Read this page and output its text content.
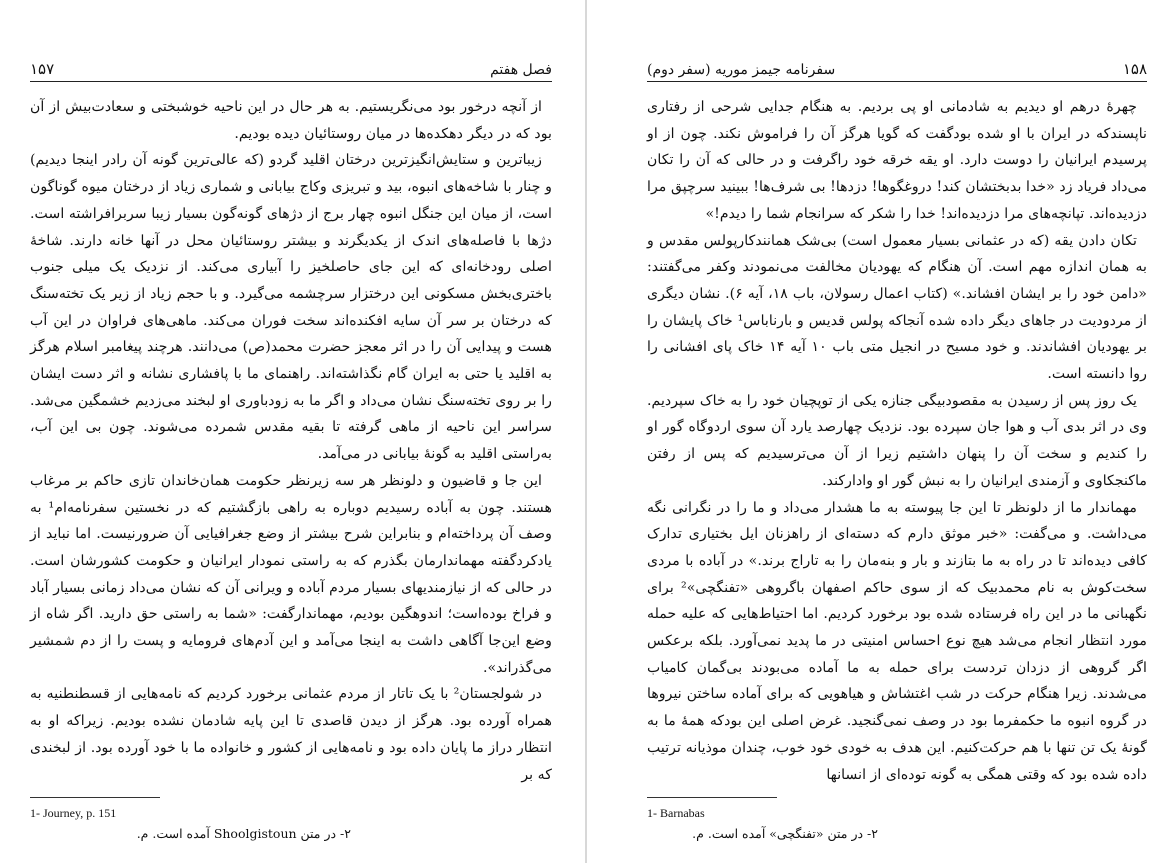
۱۵۷	فصل هفتم

از آنچه درخور بود می‌نگریستیم. به هر حال در این ناحیه خوشبختی و سعادت‌بیش از آن بود که در دیگر دهکده‌ها در میان روستائیان دیده بودیم.

زیباترین و ستایش‌انگیزترین درختان اقلید گردو (که عالی‌ترین گونه آن رادر اینجا دیدیم) و چنار با شاخه‌های انبوه، بید و تبریزی وکاج بیابانی و شماری زیاد از درختان میوه گوناگون است، از میان این جنگل انبوه چهار برج از دژهای گونه‌گون بسیار زیبا سربرافراشته است. دژها با فاصله‌های اندک از یکدیگرند و بیشتر روستائیان محل در آنها خانه دارند. شاخهٔ اصلی رودخانه‌ای که این جای حاصلخیز را آبیاری می‌کند. از نزدیک یک میلی جنوب باختری‌بخش مسکونی این درختزار سرچشمه می‌گیرد. و با حجم زیاد از زیر یک تخته‌سنگ که درختان بر سر آن سایه افکنده‌اند سخت فوران می‌کند. ماهی‌های فراوان در این آب هست و پیدایی آن را در اثر معجز حضرت محمد(ص) می‌دانند. هرچند پیغامبر اسلام هرگز به اقلید یا حتی به ایران گام نگذاشته‌اند. راهنمای ما با پافشاری نشانه و اثر دست ایشان را بر روی تخته‌سنگ نشان می‌داد و اگر ما به زودباوری او لبخند می‌زدیم خشمگین می‌شد. سراسر این ناحیه از ماهی گرفته تا بقیه مقدس شمرده می‌شوند. چون بی این آب، به‌راستی اقلید به گونهٔ بیابانی در می‌آمد.

این جا و قاضیون و دلونظر هر سه زیرنظر حکومت همان‌خاندان تازی حاکم بر مرغاب هستند. چون به آباده رسیدیم دوباره به راهی بازگشتیم که در نخستین سفرنامه‌ام¹ به وصف آن پرداخته‌ام و بنابراین شرح بیشتر از وضع جغرافیایی آن ضرورنیست. اما نباید از یادکردگفته مهماندارمان بگذرم که به راستی نمودار ایرانیان و حکومت کشورشان است. در حالی که از نیازمندیهای بسیار مردم آباده و ویرانی آن که نشان می‌داد زمانی بسیار آباد و فراخ بوده‌است؛ اندوهگین بودیم، مهماندارگفت: «شما به راستی حق دارید. اگر شاه از وضع این‌جا آگاهی داشت به اینجا می‌آمد و این آدم‌های فرومایه و پست را از دم شمشیر می‌گذراند».

در شولجستان² با یک تاتار از مردم عثمانی برخورد کردیم که نامه‌هایی از قسطنطنیه به همراه آورده بود. هرگز از دیدن قاصدی تا این پایه شادمان نشده بودیم. زیراکه او به انتظار دراز ما پایان داده بود و نامه‌هایی از کشور و خانواده ما با خود آورده بود. از لبخندی که بر

1- Journey, p. 151
۲- در متن Shoolgistoun آمده است. م.
سفرنامه جیمز موریه (سفر دوم)	۱۵۸

چهرهٔ درهم او دیدیم به شادمانی او پی بردیم. به هنگام جدایی شرحی از رفتاری ناپسندکه در ایران با او شده بودگفت که گویا هرگز آن را فراموش نکند. چون از او پرسیدم ایرانیان را دوست دارد. او یقه خرقه خود راگرفت و در حالی که آن را تکان می‌داد فریاد زد «خدا بدبختشان کند! دروغگوها! دزدها! بی شرف‌ها! ببینید سرچپق مرا دزدیده‌اند. تپانچه‌های مرا دزدیده‌اند! خدا را شکر که سرانجام شما را دیدم!»

تکان دادن یقه (که در عثمانی بسیار معمول است) بی‌شک همانندکارپولس مقدس و به همان اندازه مهم است. آن هنگام که یهودیان مخالفت می‌نمودند وکفر می‌گفتند: «دامن خود را بر ایشان افشاند.» (کتاب اعمال رسولان، باب ۱۸، آیه ۶). نشان دیگری از مردودیت در جاهای دیگر داده شده آنجاکه پولس قدیس و بارناباس¹ خاک پایشان را بر یهودیان افشاندند. و خود مسیح در انجیل متی باب ۱۰ آیه ۱۴ خاک پای افشانی را روا دانسته است.

یک روز پس از رسیدن به مقصودبیگی جنازه یکی از توپچیان خود را به خاک سپردیم. وی در اثر بدی آب و هوا جان سپرده بود. نزدیک چهارصد یارد آن سوی اردوگاه گور او را کندیم و سخت آن را پنهان داشتیم زیرا از آن می‌ترسیدیم که پس از رفتن ماکنجکاوی و آزمندی ایرانیان را به نبش گور او وادارکند.

مهماندار ما از دلونظر تا این جا پیوسته به ما هشدار می‌داد و ما را در نگرانی نگه می‌داشت. و می‌گفت: «خبر موثق دارم که دسته‌ای از راهزنان ایل بختیاری تدارک کافی دیده‌اند تا در راه به ما بتازند و بار و بنه‌مان را به تاراج برند.» در آباده با مردی سخت‌کوش به نام محمدبیک که از سوی حاکم اصفهان باگروهی «تفنگچی»² برای نگهبانی ما در این راه فرستاده شده بود برخورد کردیم. اما احتیاط‌هایی که علیه حمله مورد انتظار انجام می‌شد هیچ نوع احساس امنیتی در ما پدید نمی‌آورد. بلکه برعکس اگر گروهی از دزدان تردست برای حمله به ما آماده می‌بودند بی‌گمان کامیاب می‌شدند. زیرا هنگام حرکت در شب اغتشاش و هیاهویی که برای آماده ساختن نیروها در گروه انبوه ما حکمفرما بود در وصف نمی‌گنجید. غرض اصلی این بودکه همهٔ ما به گونهٔ یک تن تنها با هم حرکت‌کنیم. این هدف به خودی خود خوب، چندان موذیانه ترتیب داده شده بود که وقتی همگی به گونه توده‌ای از انسانها

1- Barnabas
۲- در متن «تفنگچی» آمده است. م.
